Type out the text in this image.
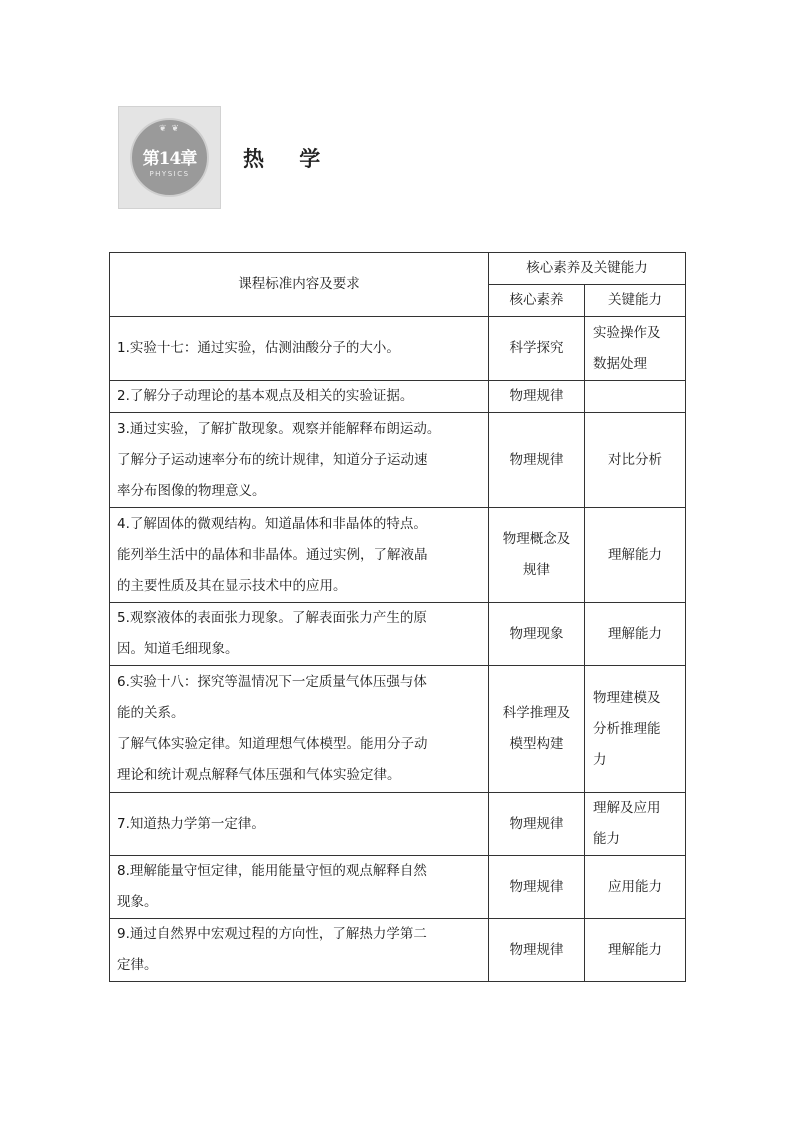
❦ ❦
第14章
PHYSICS
热 学
课程标准内容及要求	核心素养及关键能力	
	核心素养	关键能力

1.实验十七：通过实验，估测油酸分子的大小。	科学探究	实验操作及
数据处理

2.了解分子动理论的基本观点及相关的实验证据。	物理规律	

3.通过实验，了解扩散现象。观察并能解释布朗运动。
了解分子运动速率分布的统计规律，知道分子运动速
率分布图像的物理意义。	物理规律	对比分析

4.了解固体的微观结构。知道晶体和非晶体的特点。
能列举生活中的晶体和非晶体。通过实例，了解液晶
的主要性质及其在显示技术中的应用。	物理概念及
规律	理解能力

5.观察液体的表面张力现象。了解表面张力产生的原
因。知道毛细现象。	物理现象	理解能力

6.实验十八：探究等温情况下一定质量气体压强与体
能的关系。
了解气体实验定律。知道理想气体模型。能用分子动
理论和统计观点解释气体压强和气体实验定律。	科学推理及
模型构建	物理建模及
分析推理能
力

7.知道热力学第一定律。	物理规律	理解及应用
能力

8.理解能量守恒定律，能用能量守恒的观点解释自然
现象。	物理规律	应用能力

9.通过自然界中宏观过程的方向性，了解热力学第二
定律。	物理规律	理解能力
